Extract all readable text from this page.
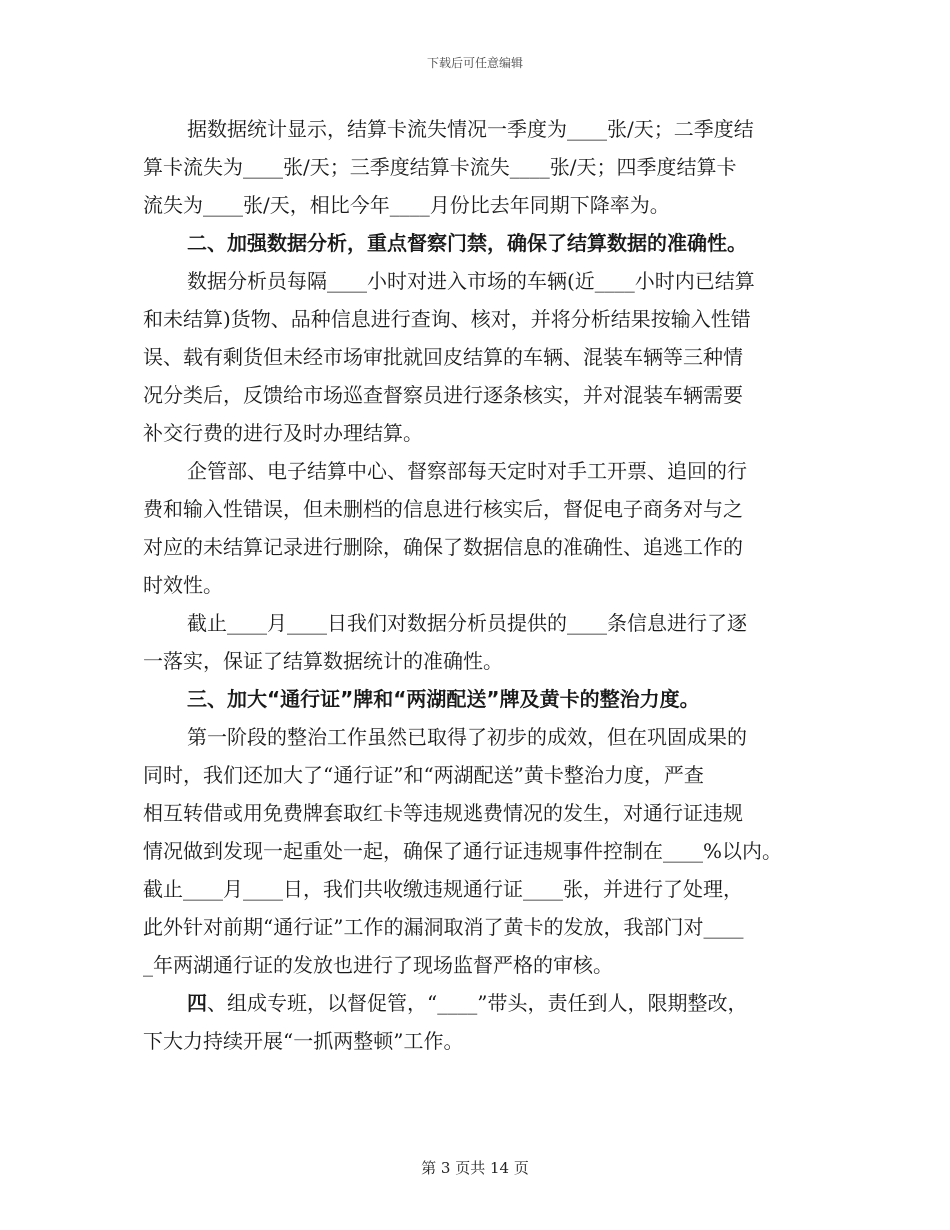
下载后可任意编辑
据数据统计显示，结算卡流失情况一季度为____张/天；二季度结
算卡流失为____张/天；三季度结算卡流失____张/天；四季度结算卡
流失为____张/天，相比今年____月份比去年同期下降率为。
二、加强数据分析，重点督察门禁，确保了结算数据的准确性。
数据分析员每隔____小时对进入市场的车辆(近____小时内已结算
和未结算)货物、品种信息进行查询、核对，并将分析结果按输入性错
误、载有剩货但未经市场审批就回皮结算的车辆、混装车辆等三种情
况分类后，反馈给市场巡查督察员进行逐条核实，并对混装车辆需要
补交行费的进行及时办理结算。
企管部、电子结算中心、督察部每天定时对手工开票、追回的行
费和输入性错误，但未删档的信息进行核实后，督促电子商务对与之
对应的未结算记录进行删除，确保了数据信息的准确性、追逃工作的
时效性。
截止____月____日我们对数据分析员提供的____条信息进行了逐
一落实，保证了结算数据统计的准确性。
三、加大“通行证”牌和“两湖配送”牌及黄卡的整治力度。
第一阶段的整治工作虽然已取得了初步的成效，但在巩固成果的
同时，我们还加大了“通行证”和“两湖配送”黄卡整治力度，严查
相互转借或用免费牌套取红卡等违规逃费情况的发生，对通行证违规
情况做到发现一起重处一起，确保了通行证违规事件控制在____%以内。
截止____月____日，我们共收缴违规通行证____张，并进行了处理，
此外针对前期“通行证”工作的漏洞取消了黄卡的发放，我部门对____
_年两湖通行证的发放也进行了现场监督严格的审核。
四、组成专班，以督促管，“____”带头，责任到人，限期整改，
下大力持续开展“一抓两整顿”工作。
第 3 页共 14 页
